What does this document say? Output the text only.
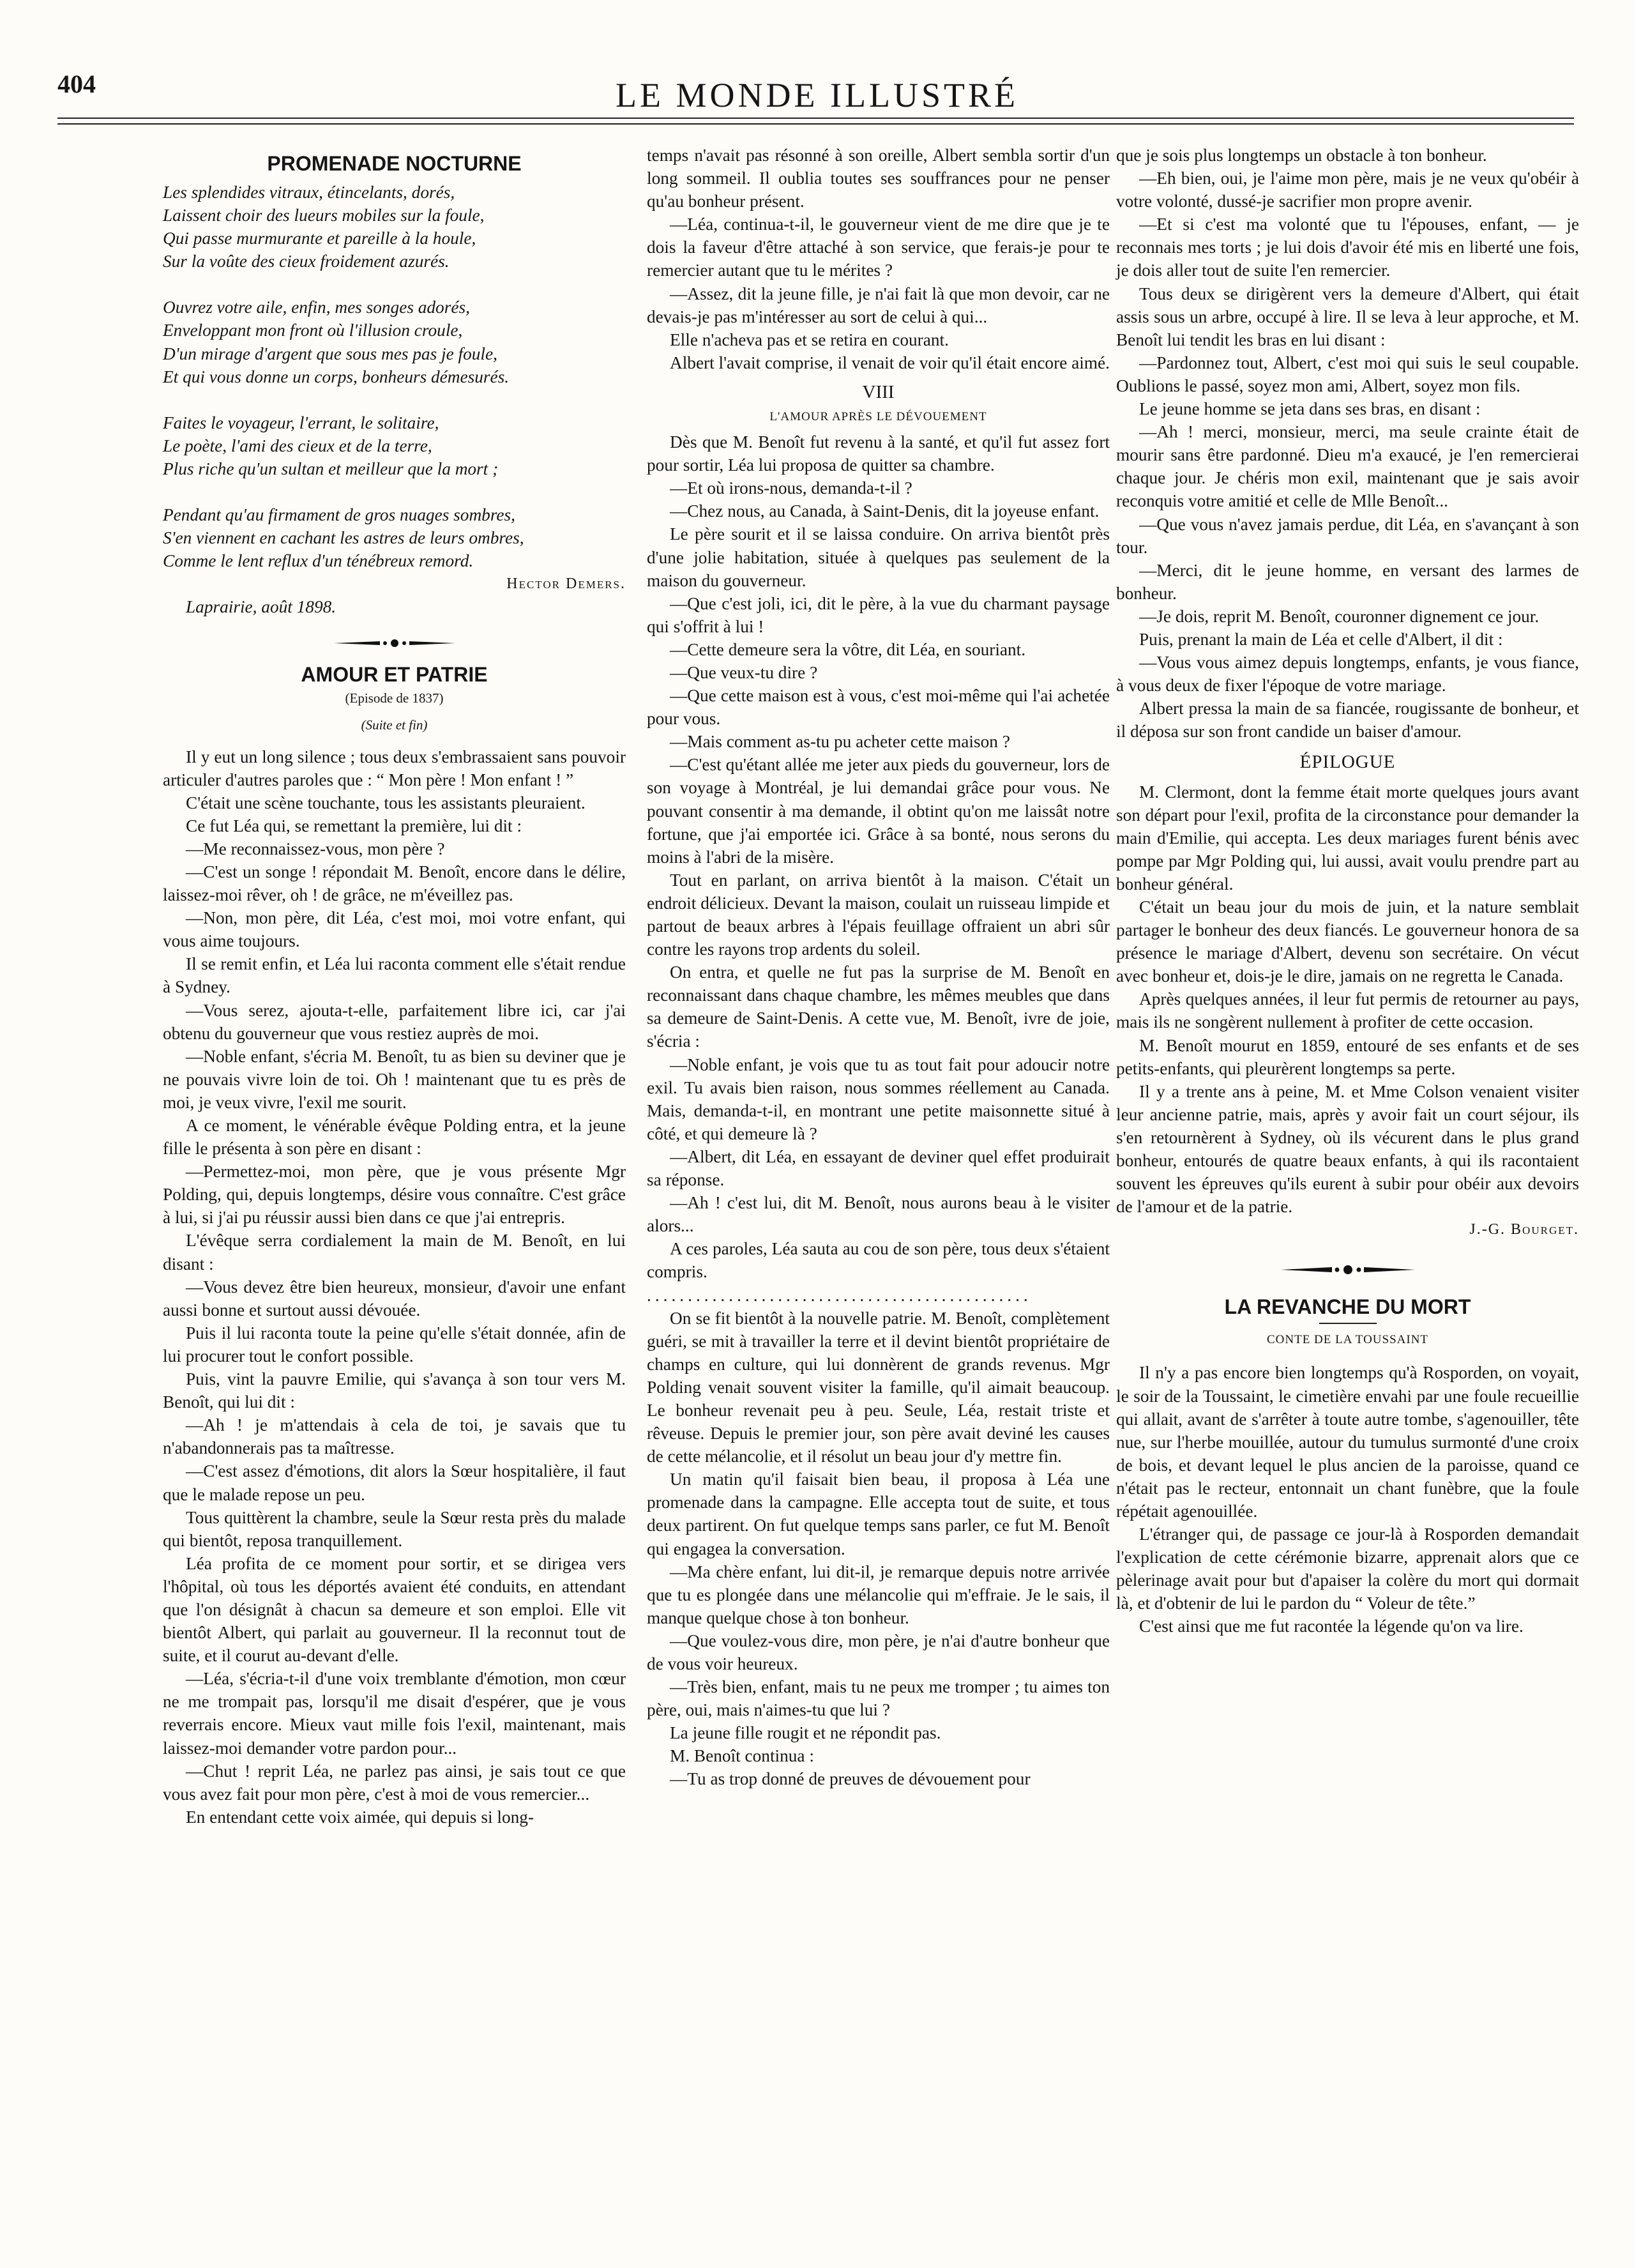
404	LE MONDE ILLUSTRÉ
PROMENADE NOCTURNE
Les splendides vitraux, étincelants, dorés,
Laissent choir des lueurs mobiles sur la foule,
Qui passe murmurante et pareille à la houle,
Sur la voûte des cieux froidement azurés.
Ouvrez votre aile, enfin, mes songes adorés,
Enveloppant mon front où l'illusion croule,
D'un mirage d'argent que sous mes pas je foule,
Et qui vous donne un corps, bonheurs démesurés.
Faites le voyageur, l'errant, le solitaire,
Le poète, l'ami des cieux et de la terre,
Plus riche qu'un sultan et meilleur que la mort ;
Pendant qu'au firmament de gros nuages sombres,
S'en viennent en cachant les astres de leurs ombres,
Comme le lent reflux d'un ténébreux remord.

Hector Demers.

Laprairie, août 1898.

AMOUR ET PATRIE
(Episode de 1837)
(Suite et fin)

Il y eut un long silence ; tous deux s'embrassaient sans pouvoir articuler d'autres paroles que : “ Mon père ! Mon enfant ! ”

C'était une scène touchante, tous les assistants pleuraient.

Ce fut Léa qui, se remettant la première, lui dit :

—Me reconnaissez-vous, mon père ?

—C'est un songe ! répondait M. Benoît, encore dans le délire, laissez-moi rêver, oh ! de grâce, ne m'éveillez pas.

—Non, mon père, dit Léa, c'est moi, moi votre enfant, qui vous aime toujours.

Il se remit enfin, et Léa lui raconta comment elle s'était rendue à Sydney.

—Vous serez, ajouta-t-elle, parfaitement libre ici, car j'ai obtenu du gouverneur que vous restiez auprès de moi.

—Noble enfant, s'écria M. Benoît, tu as bien su deviner que je ne pouvais vivre loin de toi. Oh ! maintenant que tu es près de moi, je veux vivre, l'exil me sourit.

A ce moment, le vénérable évêque Polding entra, et la jeune fille le présenta à son père en disant :

—Permettez-moi, mon père, que je vous présente Mgr Polding, qui, depuis longtemps, désire vous connaître. C'est grâce à lui, si j'ai pu réussir aussi bien dans ce que j'ai entrepris.

L'évêque serra cordialement la main de M. Benoît, en lui disant :

—Vous devez être bien heureux, monsieur, d'avoir une enfant aussi bonne et surtout aussi dévouée.

Puis il lui raconta toute la peine qu'elle s'était donnée, afin de lui procurer tout le confort possible.

Puis, vint la pauvre Emilie, qui s'avança à son tour vers M. Benoît, qui lui dit :

—Ah ! je m'attendais à cela de toi, je savais que tu n'abandonnerais pas ta maîtresse.

—C'est assez d'émotions, dit alors la Sœur hospitalière, il faut que le malade repose un peu.

Tous quittèrent la chambre, seule la Sœur resta près du malade qui bientôt, reposa tranquillement.

Léa profita de ce moment pour sortir, et se dirigea vers l'hôpital, où tous les déportés avaient été conduits, en attendant que l'on désignât à chacun sa demeure et son emploi. Elle vit bientôt Albert, qui parlait au gouverneur. Il la reconnut tout de suite, et il courut au-devant d'elle.

—Léa, s'écria-t-il d'une voix tremblante d'émotion, mon cœur ne me trompait pas, lorsqu'il me disait d'espérer, que je vous reverrais encore. Mieux vaut mille fois l'exil, maintenant, mais laissez-moi demander votre pardon pour...

—Chut ! reprit Léa, ne parlez pas ainsi, je sais tout ce que vous avez fait pour mon père, c'est à moi de vous remercier...

En entendant cette voix aimée, qui depuis si long-

temps n'avait pas résonné à son oreille, Albert sembla sortir d'un long sommeil. Il oublia toutes ses souffrances pour ne penser qu'au bonheur présent.

—Léa, continua-t-il, le gouverneur vient de me dire que je te dois la faveur d'être attaché à son service, que ferais-je pour te remercier autant que tu le mérites ?

—Assez, dit la jeune fille, je n'ai fait là que mon devoir, car ne devais-je pas m'intéresser au sort de celui à qui...

Elle n'acheva pas et se retira en courant.

Albert l'avait comprise, il venait de voir qu'il était encore aimé.

VIII
L'AMOUR APRÈS LE DÉVOUEMENT

Dès que M. Benoît fut revenu à la santé, et qu'il fut assez fort pour sortir, Léa lui proposa de quitter sa chambre.

—Et où irons-nous, demanda-t-il ?

—Chez nous, au Canada, à Saint-Denis, dit la joyeuse enfant.

Le père sourit et il se laissa conduire. On arriva bientôt près d'une jolie habitation, située à quelques pas seulement de la maison du gouverneur.

—Que c'est joli, ici, dit le père, à la vue du charmant paysage qui s'offrit à lui !

—Cette demeure sera la vôtre, dit Léa, en souriant.

—Que veux-tu dire ?

—Que cette maison est à vous, c'est moi-même qui l'ai achetée pour vous.

—Mais comment as-tu pu acheter cette maison ?

—C'est qu'étant allée me jeter aux pieds du gouverneur, lors de son voyage à Montréal, je lui demandai grâce pour vous. Ne pouvant consentir à ma demande, il obtint qu'on me laissât notre fortune, que j'ai emportée ici. Grâce à sa bonté, nous serons du moins à l'abri de la misère.

Tout en parlant, on arriva bientôt à la maison. C'était un endroit délicieux. Devant la maison, coulait un ruisseau limpide et partout de beaux arbres à l'épais feuillage offraient un abri sûr contre les rayons trop ardents du soleil.

On entra, et quelle ne fut pas la surprise de M. Benoît en reconnaissant dans chaque chambre, les mêmes meubles que dans sa demeure de Saint-Denis. A cette vue, M. Benoît, ivre de joie, s'écria :

—Noble enfant, je vois que tu as tout fait pour adoucir notre exil. Tu avais bien raison, nous sommes réellement au Canada. Mais, demanda-t-il, en montrant une petite maisonnette situé à côté, et qui demeure là ?

—Albert, dit Léa, en essayant de deviner quel effet produirait sa réponse.

—Ah ! c'est lui, dit M. Benoît, nous aurons beau à le visiter alors...

A ces paroles, Léa sauta au cou de son père, tous deux s'étaient compris.

...............................................

On se fit bientôt à la nouvelle patrie. M. Benoît, complètement guéri, se mit à travailler la terre et il devint bientôt propriétaire de champs en culture, qui lui donnèrent de grands revenus. Mgr Polding venait souvent visiter la famille, qu'il aimait beaucoup. Le bonheur revenait peu à peu. Seule, Léa, restait triste et rêveuse. Depuis le premier jour, son père avait deviné les causes de cette mélancolie, et il résolut un beau jour d'y mettre fin.

Un matin qu'il faisait bien beau, il proposa à Léa une promenade dans la campagne. Elle accepta tout de suite, et tous deux partirent. On fut quelque temps sans parler, ce fut M. Benoît qui engagea la conversation.

—Ma chère enfant, lui dit-il, je remarque depuis notre arrivée que tu es plongée dans une mélancolie qui m'effraie. Je le sais, il manque quelque chose à ton bonheur.

—Que voulez-vous dire, mon père, je n'ai d'autre bonheur que de vous voir heureux.

—Très bien, enfant, mais tu ne peux me tromper ; tu aimes ton père, oui, mais n'aimes-tu que lui ?

La jeune fille rougit et ne répondit pas.

M. Benoît continua :

—Tu as trop donné de preuves de dévouement pour

que je sois plus longtemps un obstacle à ton bonheur.

—Eh bien, oui, je l'aime mon père, mais je ne veux qu'obéir à votre volonté, dussé-je sacrifier mon propre avenir.

—Et si c'est ma volonté que tu l'épouses, enfant, — je reconnais mes torts ; je lui dois d'avoir été mis en liberté une fois, je dois aller tout de suite l'en remercier.

Tous deux se dirigèrent vers la demeure d'Albert, qui était assis sous un arbre, occupé à lire. Il se leva à leur approche, et M. Benoît lui tendit les bras en lui disant :

—Pardonnez tout, Albert, c'est moi qui suis le seul coupable. Oublions le passé, soyez mon ami, Albert, soyez mon fils.

Le jeune homme se jeta dans ses bras, en disant :

—Ah ! merci, monsieur, merci, ma seule crainte était de mourir sans être pardonné. Dieu m'a exaucé, je l'en remercierai chaque jour. Je chéris mon exil, maintenant que je sais avoir reconquis votre amitié et celle de Mlle Benoît...

—Que vous n'avez jamais perdue, dit Léa, en s'avançant à son tour.

—Merci, dit le jeune homme, en versant des larmes de bonheur.

—Je dois, reprit M. Benoît, couronner dignement ce jour.

Puis, prenant la main de Léa et celle d'Albert, il dit :

—Vous vous aimez depuis longtemps, enfants, je vous fiance, à vous deux de fixer l'époque de votre mariage.

Albert pressa la main de sa fiancée, rougissante de bonheur, et il déposa sur son front candide un baiser d'amour.

ÉPILOGUE

M. Clermont, dont la femme était morte quelques jours avant son départ pour l'exil, profita de la circonstance pour demander la main d'Emilie, qui accepta. Les deux mariages furent bénis avec pompe par Mgr Polding qui, lui aussi, avait voulu prendre part au bonheur général.

C'était un beau jour du mois de juin, et la nature semblait partager le bonheur des deux fiancés. Le gouverneur honora de sa présence le mariage d'Albert, devenu son secrétaire. On vécut avec bonheur et, dois-je le dire, jamais on ne regretta le Canada.

Après quelques années, il leur fut permis de retourner au pays, mais ils ne songèrent nullement à profiter de cette occasion.

M. Benoît mourut en 1859, entouré de ses enfants et de ses petits-enfants, qui pleurèrent longtemps sa perte.

Il y a trente ans à peine, M. et Mme Colson venaient visiter leur ancienne patrie, mais, après y avoir fait un court séjour, ils s'en retournèrent à Sydney, où ils vécurent dans le plus grand bonheur, entourés de quatre beaux enfants, à qui ils racontaient souvent les épreuves qu'ils eurent à subir pour obéir aux devoirs de l'amour et de la patrie.

J.-G. Bourget.

LA REVANCHE DU MORT
CONTE DE LA TOUSSAINT

Il n'y a pas encore bien longtemps qu'à Rosporden, on voyait, le soir de la Toussaint, le cimetière envahi par une foule recueillie qui allait, avant de s'arrêter à toute autre tombe, s'agenouiller, tête nue, sur l'herbe mouillée, autour du tumulus surmonté d'une croix de bois, et devant lequel le plus ancien de la paroisse, quand ce n'était pas le recteur, entonnait un chant funèbre, que la foule répétait agenouillée.

L'étranger qui, de passage ce jour-là à Rosporden demandait l'explication de cette cérémonie bizarre, apprenait alors que ce pèlerinage avait pour but d'apaiser la colère du mort qui dormait là, et d'obtenir de lui le pardon du “ Voleur de tête.”

C'est ainsi que me fut racontée la légende qu'on va lire.
